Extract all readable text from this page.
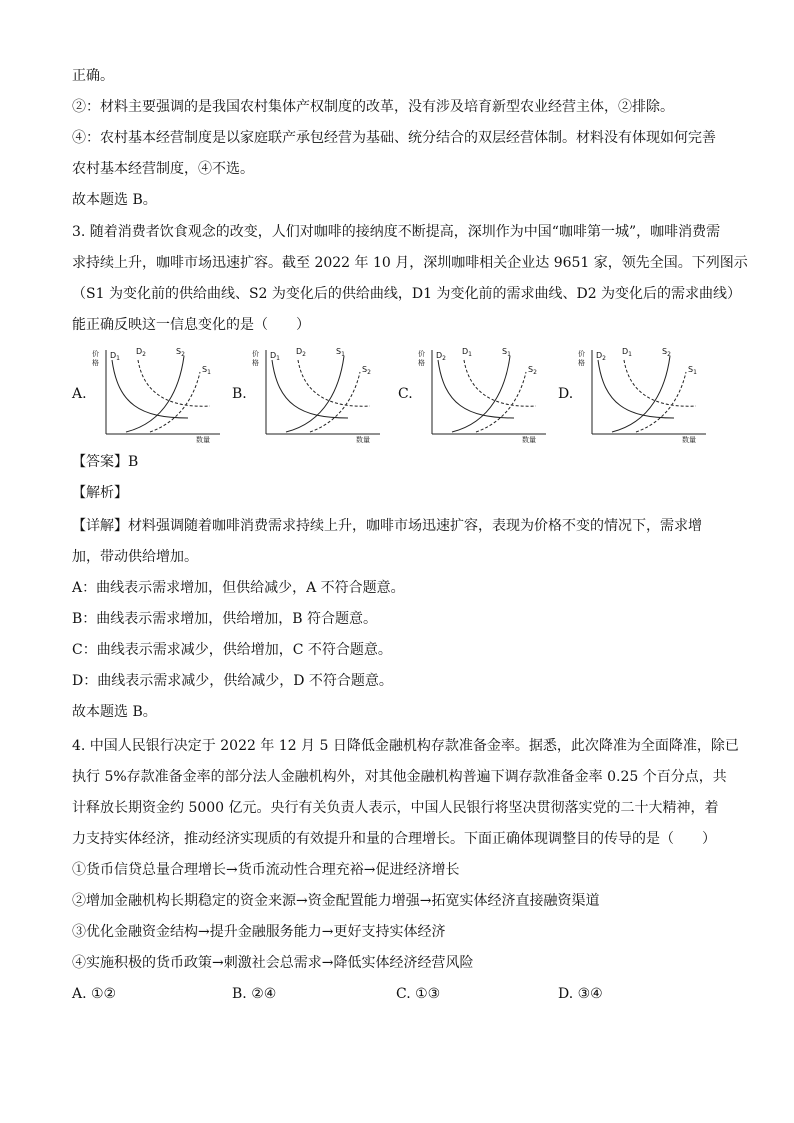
正确。
②：材料主要强调的是我国农村集体产权制度的改革，没有涉及培育新型农业经营主体，②排除。
④：农村基本经营制度是以家庭联产承包经营为基础、统分结合的双层经营体制。材料没有体现如何完善
农村基本经营制度，④不选。
故本题选 B。
3. 随着消费者饮食观念的改变，人们对咖啡的接纳度不断提高，深圳作为中国“咖啡第一城”，咖啡消费需
求持续上升，咖啡市场迅速扩容。截至 2022 年 10 月，深圳咖啡相关企业达 9651 家，领先全国。下列图示
（S1 为变化前的供给曲线、S2 为变化后的供给曲线，D1 为变化前的需求曲线、D2 为变化后的需求曲线）
能正确反映这一信息变化的是（　　）
A.	B.	C.	D.
价
格
数量
$D_1$
$D_2$	$S_2$
$S_1$
价
格
数量
$D_1$
$D_2$	$S_1$
$S_2$
价
格
数量
$D_2$
$D_1$	$S_1$
$S_2$
价
格
数量
$D_2$
$D_1$	$S_2$
$S_1$
【答案】B
【解析】
【详解】材料强调随着咖啡消费需求持续上升，咖啡市场迅速扩容，表现为价格不变的情况下，需求增
加，带动供给增加。
A：曲线表示需求增加，但供给减少，A 不符合题意。
B：曲线表示需求增加，供给增加，B 符合题意。
C：曲线表示需求减少，供给增加，C 不符合题意。
D：曲线表示需求减少，供给减少，D 不符合题意。
故本题选 B。
4. 中国人民银行决定于 2022 年 12 月 5 日降低金融机构存款准备金率。据悉，此次降准为全面降准，除已
执行 5%存款准备金率的部分法人金融机构外，对其他金融机构普遍下调存款准备金率 0.25 个百分点，共
计释放长期资金约 5000 亿元。央行有关负责人表示，中国人民银行将坚决贯彻落实党的二十大精神，着
力支持实体经济，推动经济实现质的有效提升和量的合理增长。下面正确体现调整目的传导的是（　　）
①货币信贷总量合理增长→货币流动性合理充裕→促进经济增长
②增加金融机构长期稳定的资金来源→资金配置能力增强→拓宽实体经济直接融资渠道
③优化金融资金结构→提升金融服务能力→更好支持实体经济
④实施积极的货币政策→刺激社会总需求→降低实体经济经营风险
A. ①②	B. ②④	C. ①③	D. ③④
